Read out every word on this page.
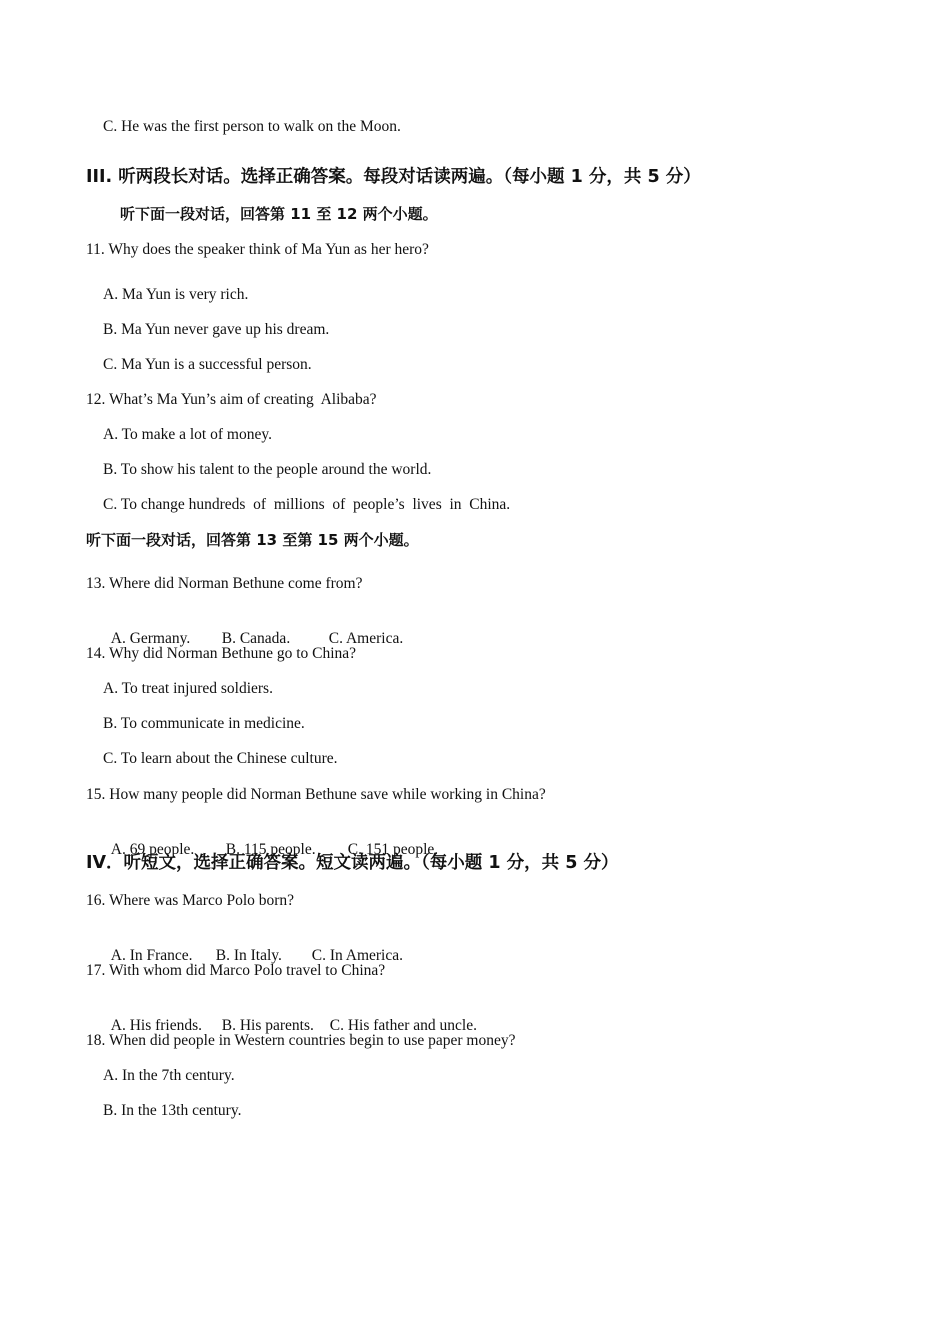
C. He was the first person to walk on the Moon.
III. 听两段长对话。选择正确答案。每段对话读两遍。（每小题 1 分，共 5 分）
听下面一段对话，回答第 11 至 12 两个小题。
11. Why does the speaker think of Ma Yun as her hero?
A. Ma Yun is very rich.
B. Ma Yun never gave up his dream.
C. Ma Yun is a successful person.
12. What’s Ma Yun’s aim of creating  Alibaba?
A. To make a lot of money.
B. To show his talent to the people around the world.
C. To change hundreds  of  millions  of  people’s  lives  in  China.
听下面一段对话，回答第 13 至第 15 两个小题。
13. Where did Norman Bethune come from?

A. Germany. B. Canada. C. America.

14. Why did Norman Bethune go to China?
A. To treat injured soldiers.
B. To communicate in medicine.
C. To learn about the Chinese culture.
15. How many people did Norman Bethune save while working in China?

A. 69 people. B. 115 people. C. 151 people.

IV．听短文，选择正确答案。短文读两遍。（每小题 1 分，共 5 分）
16. Where was Marco Polo born?

A. In France. B. In Italy. C. In America.

17. With whom did Marco Polo travel to China?

A. His friends. B. His parents. C. His father and uncle.

18. When did people in Western countries begin to use paper money?
A. In the 7th century.
B. In the 13th century.
